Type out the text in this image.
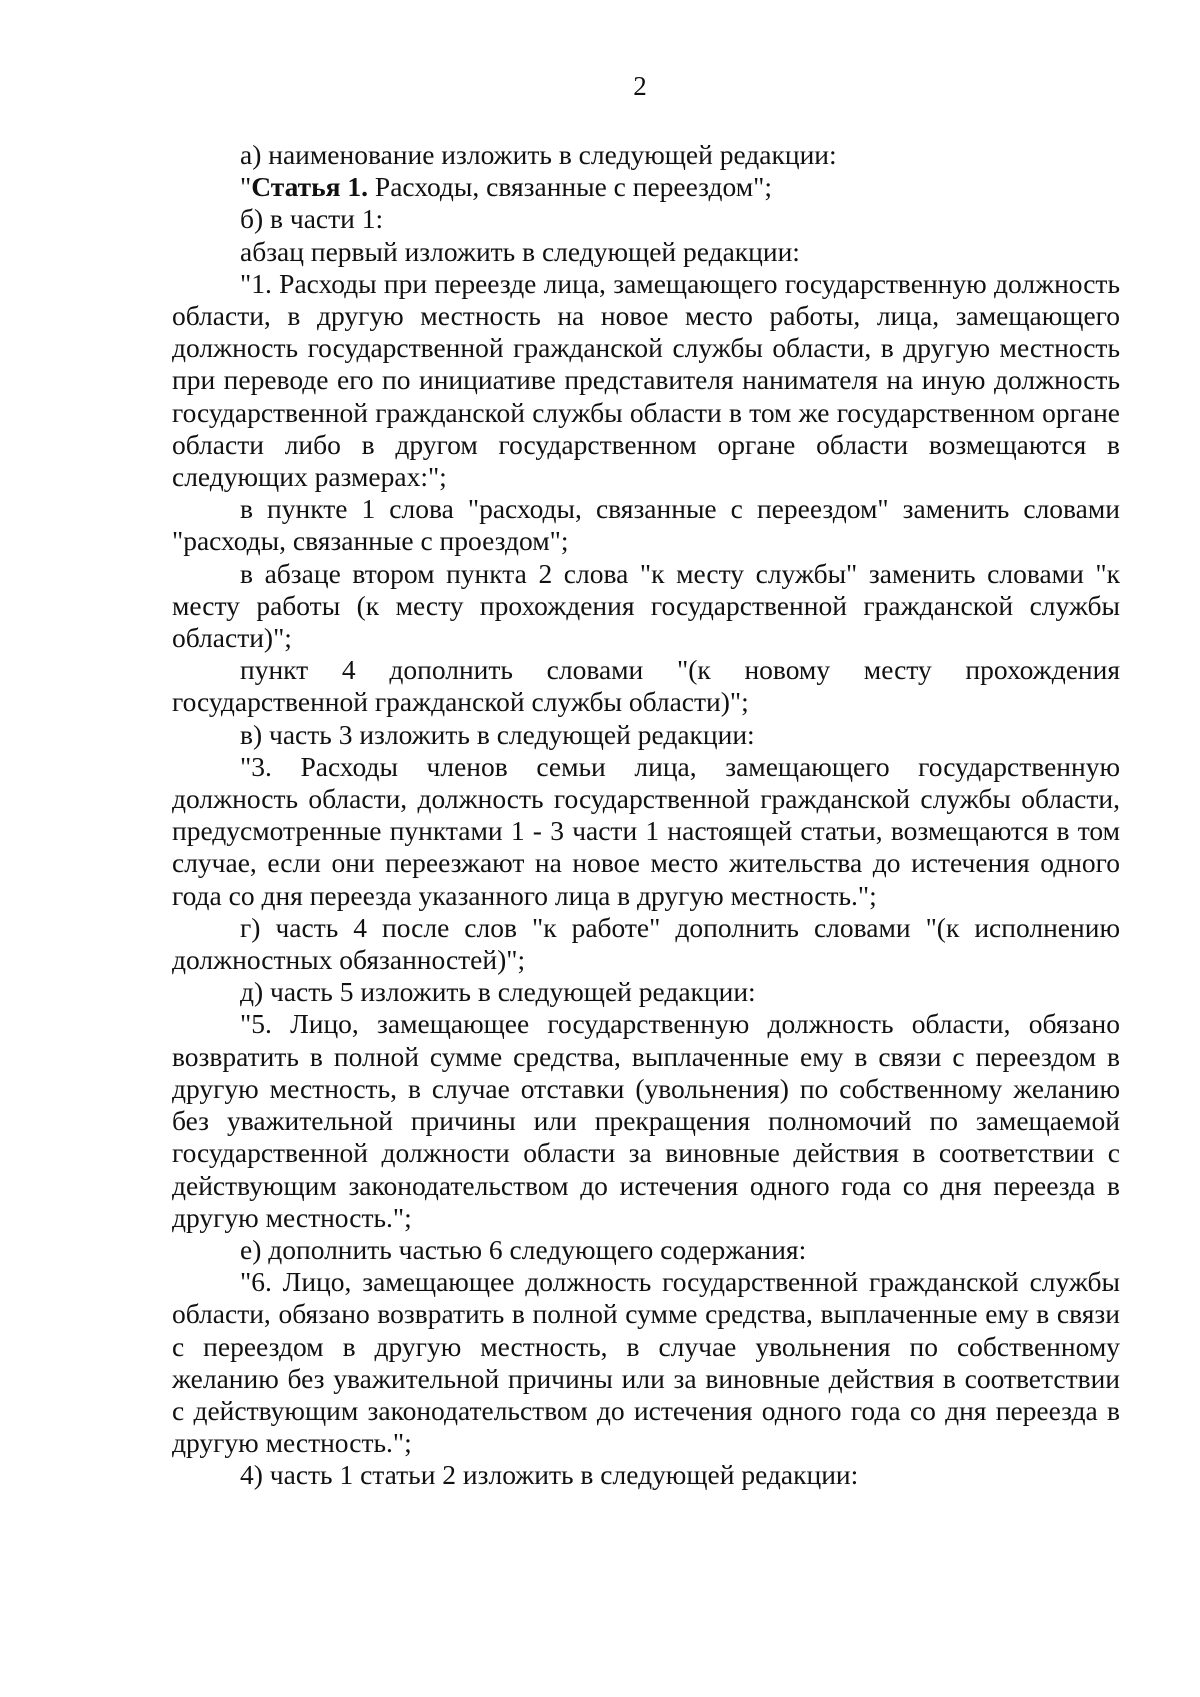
2

а) наименование изложить в следующей редакции:

"Статья 1. Расходы, связанные с переездом";

б) в части 1:

абзац первый изложить в следующей редакции:

"1. Расходы при переезде лица, замещающего государственную должность области, в другую местность на новое место работы, лица, замещающего должность государственной гражданской службы области, в другую местность при переводе его по инициативе представителя нанимателя на иную должность государственной гражданской службы области в том же государственном органе области либо в другом государственном органе области возмещаются в следующих размерах:";

в пункте 1 слова "расходы, связанные с переездом" заменить словами "расходы, связанные с проездом";

в абзаце втором пункта 2 слова "к месту службы" заменить словами "к месту работы (к месту прохождения государственной гражданской службы области)";

пункт 4 дополнить словами "(к новому месту прохождения государственной гражданской службы области)";

в) часть 3 изложить в следующей редакции:

"3. Расходы членов семьи лица, замещающего государственную должность области, должность государственной гражданской службы области, предусмотренные пунктами 1 - 3 части 1 настоящей статьи, возмещаются в том случае, если они переезжают на новое место жительства до истечения одного года со дня переезда указанного лица в другую местность.";

г) часть 4 после слов "к работе" дополнить словами "(к исполнению должностных обязанностей)";

д) часть 5 изложить в следующей редакции:

"5. Лицо, замещающее государственную должность области, обязано возвратить в полной сумме средства, выплаченные ему в связи с переездом в другую местность, в случае отставки (увольнения) по собственному желанию без уважительной причины или прекращения полномочий по замещаемой государственной должности области за виновные действия в соответствии с действующим законодательством до истечения одного года со дня переезда в другую местность.";

е) дополнить частью 6 следующего содержания:

"6. Лицо, замещающее должность государственной гражданской службы области, обязано возвратить в полной сумме средства, выплаченные ему в связи с переездом в другую местность, в случае увольнения по собственному желанию без уважительной причины или за виновные действия в соответствии с действующим законодательством до истечения одного года со дня переезда в другую местность.";

4) часть 1 статьи 2 изложить в следующей редакции:
